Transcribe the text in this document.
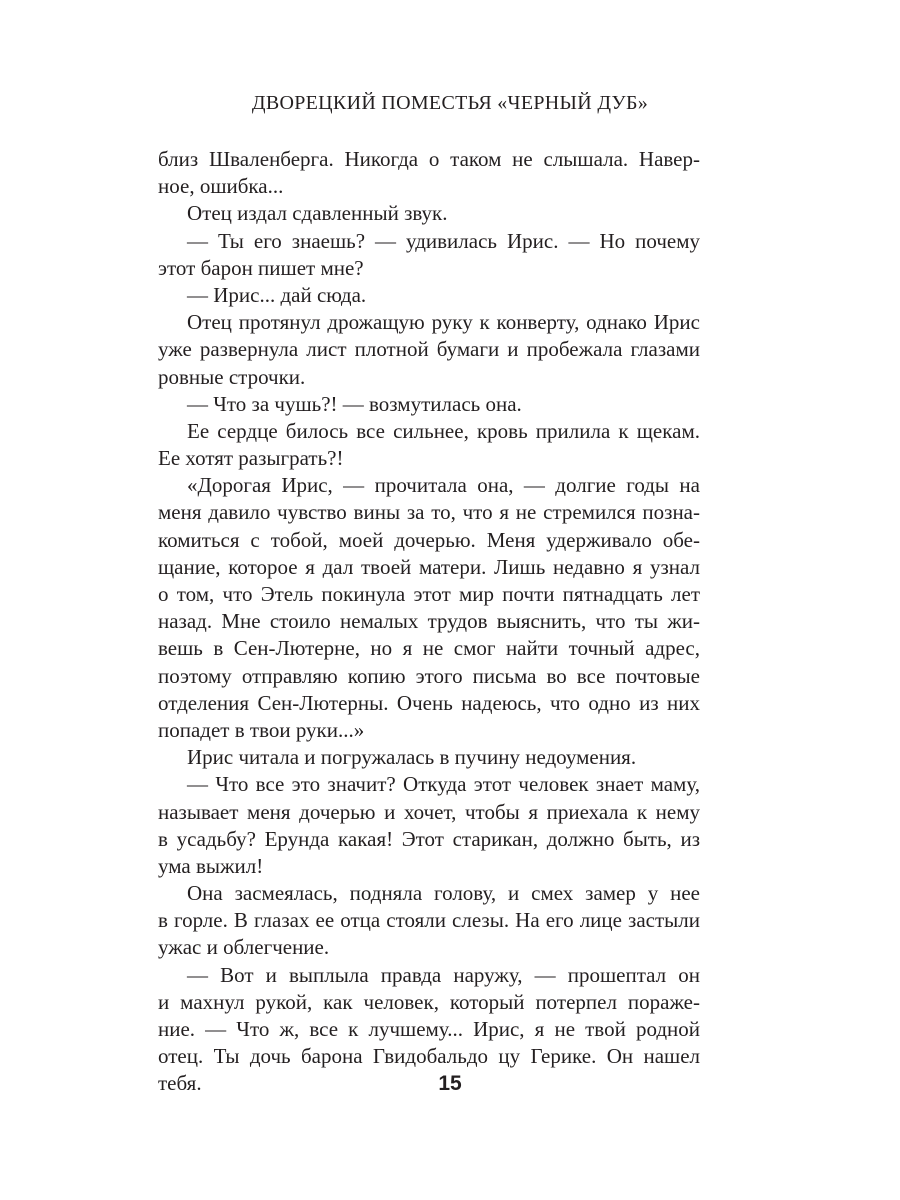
ДВОРЕЦКИЙ ПОМЕСТЬЯ «ЧЕРНЫЙ ДУБ»
близ Шваленберга. Никогда о таком не слышала. Навер-
ное, ошибка...
Отец издал сдавленный звук.
— Ты его знаешь? — удивилась Ирис. — Но почему
этот барон пишет мне?
— Ирис... дай сюда.
Отец протянул дрожащую руку к конверту, однако Ирис
уже развернула лист плотной бумаги и пробежала глазами
ровные строчки.
— Что за чушь?! — возмутилась она.
Ее сердце билось все сильнее, кровь прилила к щекам.
Ее хотят разыграть?!
«Дорогая Ирис, — прочитала она, — долгие годы на
меня давило чувство вины за то, что я не стремился позна-
комиться с тобой, моей дочерью. Меня удерживало обе-
щание, которое я дал твоей матери. Лишь недавно я узнал
о том, что Этель покинула этот мир почти пятнадцать лет
назад. Мне стоило немалых трудов выяснить, что ты жи-
вешь в Сен-Лютерне, но я не смог найти точный адрес,
поэтому отправляю копию этого письма во все почтовые
отделения Сен-Лютерны. Очень надеюсь, что одно из них
попадет в твои руки...»
Ирис читала и погружалась в пучину недоумения.
— Что все это значит? Откуда этот человек знает маму,
называет меня дочерью и хочет, чтобы я приехала к нему
в усадьбу? Ерунда какая! Этот старикан, должно быть, из
ума выжил!
Она засмеялась, подняла голову, и смех замер у нее
в горле. В глазах ее отца стояли слезы. На его лице застыли
ужас и облегчение.
— Вот и выплыла правда наружу, — прошептал он
и махнул рукой, как человек, который потерпел пораже-
ние. — Что ж, все к лучшему... Ирис, я не твой родной
отец. Ты дочь барона Гвидобальдо цу Герике. Он нашел
тебя.	15
